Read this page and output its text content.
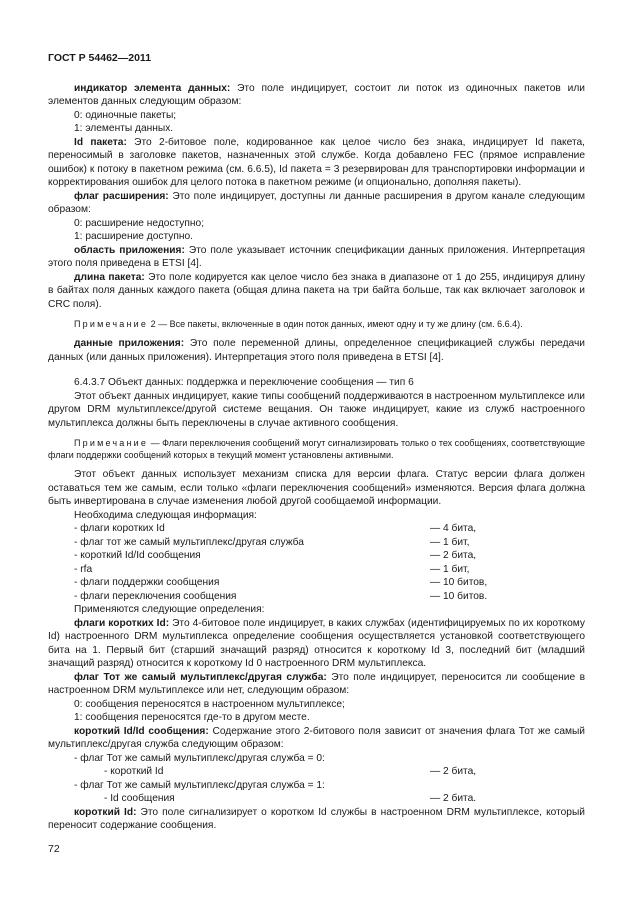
ГОСТ Р 54462—2011

индикатор элемента данных: Это поле индицирует, состоит ли поток из одиночных пакетов или элементов данных следующим образом:

0: одиночные пакеты;

1: элементы данных.

Id пакета: Это 2-битовое поле, кодированное как целое число без знака, индицирует Id пакета, переносимый в заголовке пакетов, назначенных этой службе. Когда добавлено FEC (прямое исправление ошибок) к потоку в пакетном режима (см. 6.6.5), Id пакета = 3 резервирован для транспортировки информации и корректирования ошибок для целого потока в пакетном режиме (и опционально, дополняя пакеты).

флаг расширения: Это поле индицирует, доступны ли данные расширения в другом канале следующим образом:

0: расширение недоступно;

1: расширение доступно.

область приложения: Это поле указывает источник спецификации данных приложения. Интерпретация этого поля приведена в ETSI [4].

длина пакета: Это поле кодируется как целое число без знака в диапазоне от 1 до 255, индицируя длину в байтах поля данных каждого пакета (общая длина пакета на три байта больше, так как включает заголовок и CRC поля).

Примечание 2 — Все пакеты, включенные в один поток данных, имеют одну и ту же длину (см. 6.6.4).

данные приложения: Это поле переменной длины, определенное спецификацией службы передачи данных (или данных приложения). Интерпретация этого поля приведена в ETSI [4].

6.4.3.7 Объект данных: поддержка и переключение сообщения — тип 6

Этот объект данных индицирует, какие типы сообщений поддерживаются в настроенном мультиплексе или другом DRM мультиплексе/другой системе вещания. Он также индицирует, какие из служб настроенного мультиплекса должны быть переключены в случае активного сообщения.

Примечание — Флаги переключения сообщений могут сигнализировать только о тех сообщениях, соответствующие флаги поддержки сообщений которых в текущий момент установлены активными.

Этот объект данных использует механизм списка для версии флага. Статус версии флага должен оставаться тем же самым, если только «флаги переключения сообщений» изменяются. Версия флага должна быть инвертирована в случае изменения любой другой сообщаемой информации.

Необходима следующая информация:

- флаги коротких Id	— 4 бита,
- флаг тот же самый мультиплекс/другая служба	— 1 бит,
- короткий Id/Id сообщения	— 2 бита,
- rfa	— 1 бит,
- флаги поддержки сообщения	— 10 битов,
- флаги переключения сообщения	— 10 битов.

Применяются следующие определения:

флаги коротких Id: Это 4-битовое поле индицирует, в каких службах (идентифицируемых по их короткому Id) настроенного DRM мультиплекса определение сообщения осуществляется установкой соответствующего бита на 1. Первый бит (старший значащий разряд) относится к короткому Id 3, последний бит (младший значащий разряд) относится к короткому Id 0 настроенного DRM мультиплекса.

флаг Тот же самый мультиплекс/другая служба: Это поле индицирует, переносится ли сообщение в настроенном DRM мультиплексе или нет, следующим образом:

0: сообщения переносятся в настроенном мультиплексе;

1: сообщения переносятся где-то в другом месте.

короткий Id/Id сообщения: Содержание этого 2-битового поля зависит от значения флага Тот же самый мультиплекс/другая служба следующим образом:

- флаг Тот же самый мультиплекс/другая служба = 0:
- короткий Id	— 2 бита,
- флаг Тот же самый мультиплекс/другая служба = 1:
- Id сообщения	— 2 бита.

короткий Id: Это поле сигнализирует о коротком Id службы в настроенном DRM мультиплексе, который переносит содержание сообщения.

72
